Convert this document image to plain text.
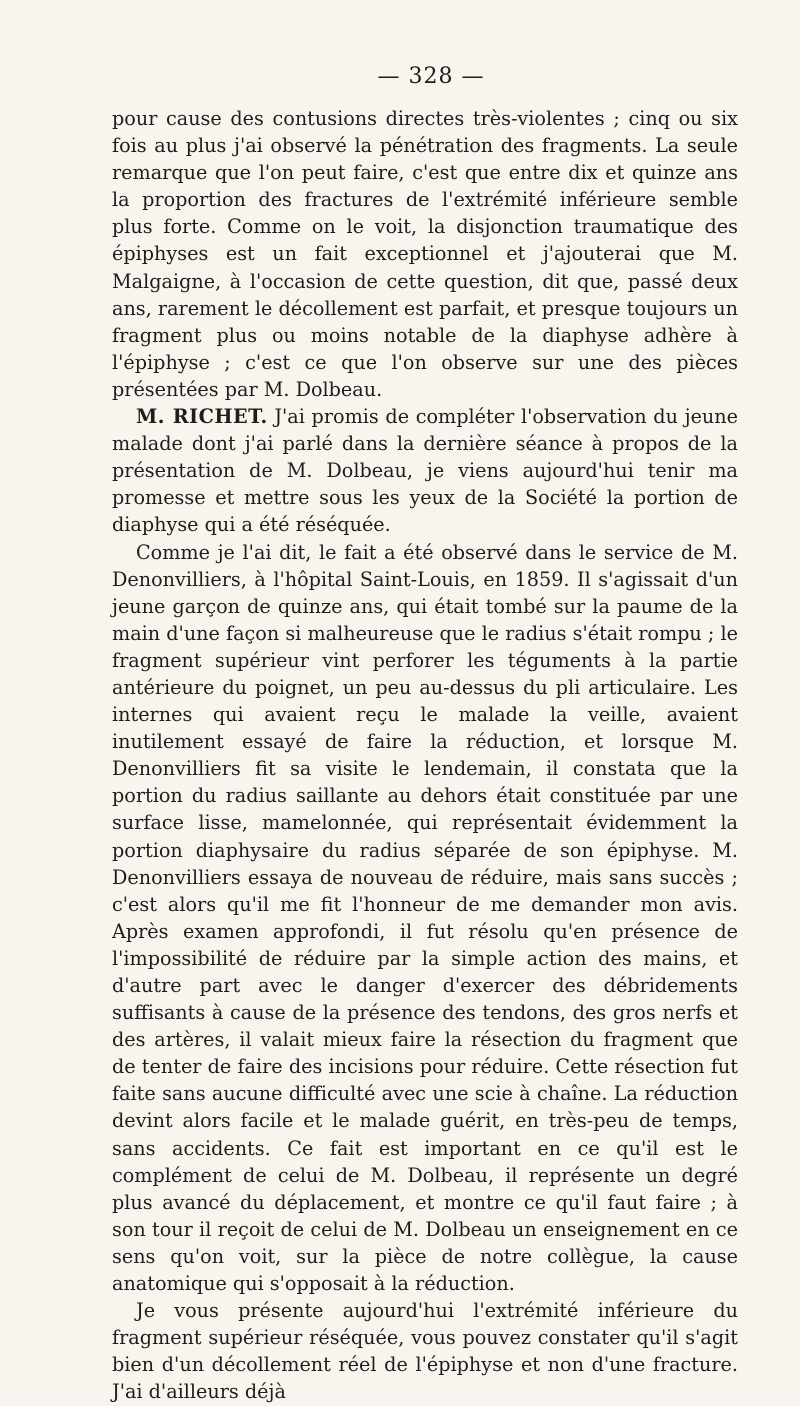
— 328 —

pour cause des contusions directes très-violentes ; cinq ou six fois au plus j'ai observé la pénétration des fragments. La seule remarque que l'on peut faire, c'est que entre dix et quinze ans la proportion des fractures de l'extrémité inférieure semble plus forte. Comme on le voit, la disjonction traumatique des épiphyses est un fait exceptionnel et j'ajouterai que M. Malgaigne, à l'occasion de cette question, dit que, passé deux ans, rarement le décollement est parfait, et presque toujours un fragment plus ou moins notable de la diaphyse adhère à l'épiphyse ; c'est ce que l'on observe sur une des pièces présentées par M. Dolbeau.

M. RICHET. J'ai promis de compléter l'observation du jeune malade dont j'ai parlé dans la dernière séance à propos de la présentation de M. Dolbeau, je viens aujourd'hui tenir ma promesse et mettre sous les yeux de la Société la portion de diaphyse qui a été réséquée.

Comme je l'ai dit, le fait a été observé dans le service de M. Denonvilliers, à l'hôpital Saint-Louis, en 1859. Il s'agissait d'un jeune garçon de quinze ans, qui était tombé sur la paume de la main d'une façon si malheureuse que le radius s'était rompu ; le fragment supérieur vint perforer les téguments à la partie antérieure du poignet, un peu au-dessus du pli articulaire. Les internes qui avaient reçu le malade la veille, avaient inutilement essayé de faire la réduction, et lorsque M. Denonvilliers fit sa visite le lendemain, il constata que la portion du radius saillante au dehors était constituée par une surface lisse, mamelonnée, qui représentait évidemment la portion diaphysaire du radius séparée de son épiphyse. M. Denonvilliers essaya de nouveau de réduire, mais sans succès ; c'est alors qu'il me fit l'honneur de me demander mon avis. Après examen approfondi, il fut résolu qu'en présence de l'impossibilité de réduire par la simple action des mains, et d'autre part avec le danger d'exercer des débridements suffisants à cause de la présence des tendons, des gros nerfs et des artères, il valait mieux faire la résection du fragment que de tenter de faire des incisions pour réduire. Cette résection fut faite sans aucune difficulté avec une scie à chaîne. La réduction devint alors facile et le malade guérit, en très-peu de temps, sans accidents. Ce fait est important en ce qu'il est le complément de celui de M. Dolbeau, il représente un degré plus avancé du déplacement, et montre ce qu'il faut faire ; à son tour il reçoit de celui de M. Dolbeau un enseignement en ce sens qu'on voit, sur la pièce de notre collègue, la cause anatomique qui s'opposait à la réduction.

Je vous présente aujourd'hui l'extrémité inférieure du fragment supérieur réséquée, vous pouvez constater qu'il s'agit bien d'un décollement réel de l'épiphyse et non d'une fracture. J'ai d'ailleurs déjà
